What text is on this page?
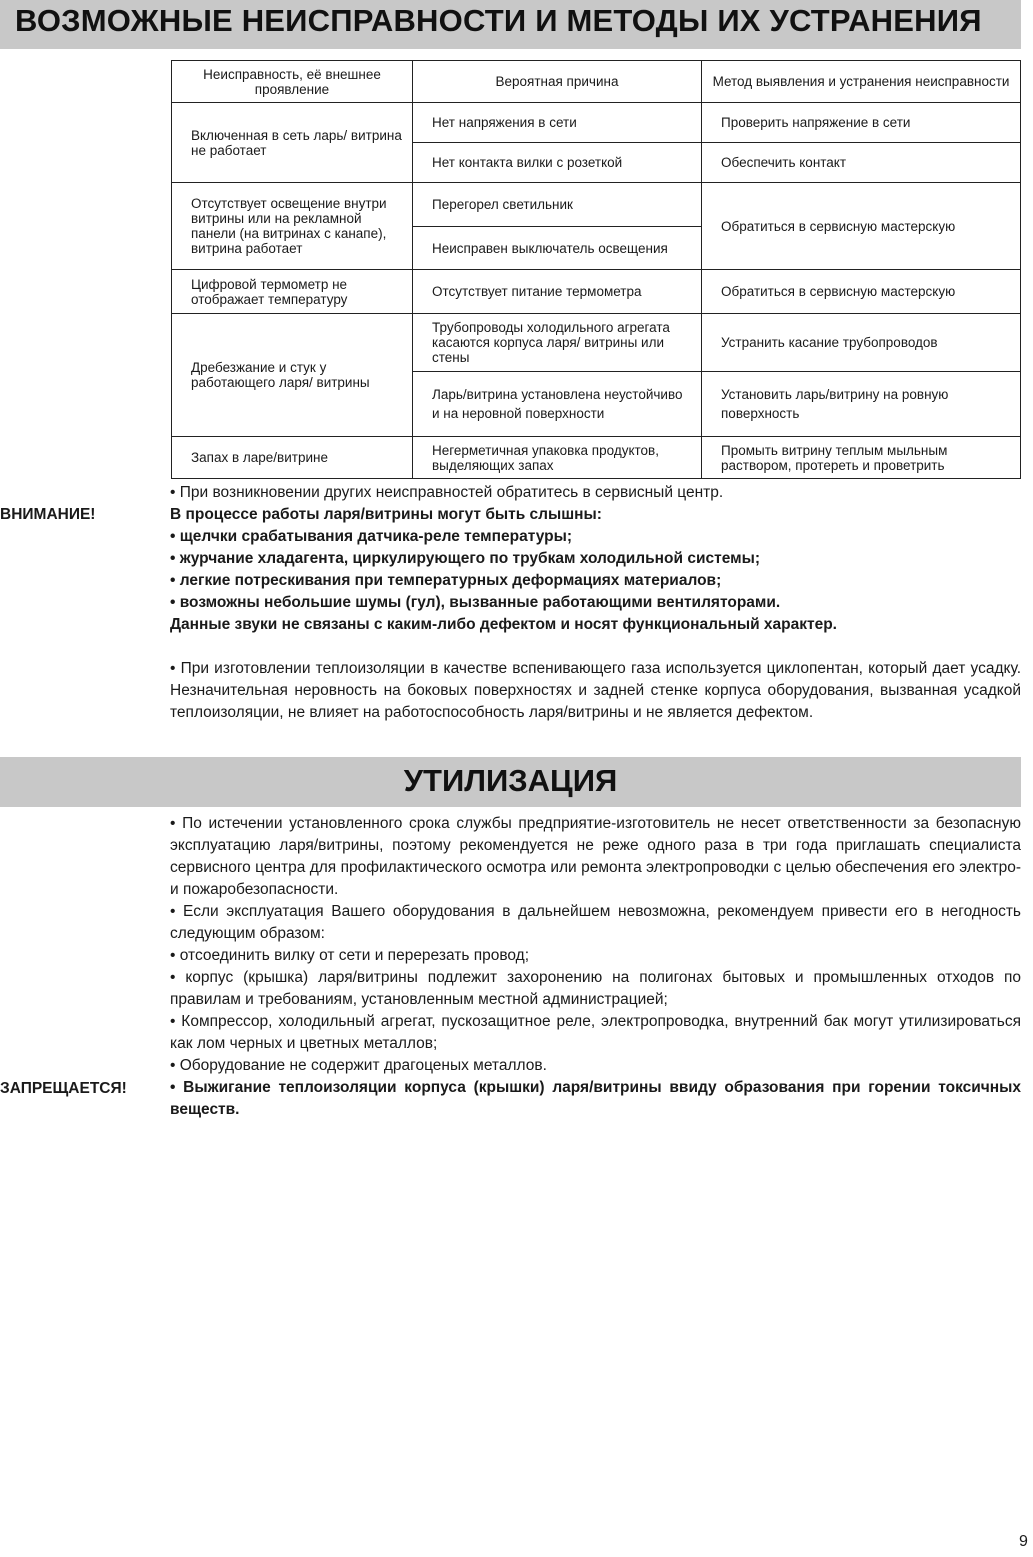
ВОЗМОЖНЫЕ НЕИСПРАВНОСТИ И МЕТОДЫ ИХ УСТРАНЕНИЯ
Неисправность, её внешнее проявление	Вероятная причина	Метод выявления и устранения неисправности
Включенная в сеть ларь/ витрина не работает	Нет напряжения в сети	Проверить напряжение в сети
	Нет контакта вилки с розеткой	Обеспечить контакт
Отсутствует освещение внутри витрины или на рекламной панели (на витринах с канапе), витрина работает	Перегорел светильник	Обратиться в сервисную мастерскую
	Неисправен выключатель освещения	
Цифровой термометр не отображает температуру	Отсутствует питание термометра	Обратиться в сервисную мастерскую
Дребезжание и стук у работающего ларя/ витрины	Трубопроводы холодильного агрегата касаются корпуса ларя/ витрины или стены	Устранить касание трубопроводов
	Ларь/витрина установлена неустойчиво и на неровной поверхности	Установить ларь/витрину на ровную поверхность
Запах в ларе/витрине	Негерметичная упаковка продуктов, выделяющих запах	Промыть витрину теплым мыльным раствором, протереть и проветрить

• При возникновении других неисправностей обратитесь в сервисный центр.

ВНИМАНИЕ!	В процессе работы ларя/витрины могут быть слышны:

• щелчки срабатывания датчика-реле температуры;

• журчание хладагента, циркулирующего по трубкам холодильной системы;

• легкие потрескивания при температурных деформациях материалов;

• возможны небольшие шумы (гул), вызванные работающими вентиляторами.

Данные звуки не связаны с каким-либо дефектом и носят функциональный характер.

• При изготовлении теплоизоляции в качестве вспенивающего газа используется циклопентан, который дает усадку. Незначительная неровность на боковых поверхностях и задней стенке корпуса оборудования, вызванная усадкой теплоизоляции, не влияет на работоспособность ларя/витрины и не является дефектом.

УТИЛИЗАЦИЯ

• По истечении установленного срока службы предприятие-изготовитель не несет ответственности за безопасную эксплуатацию ларя/витрины, поэтому рекомендуется не реже одного раза в три года приглашать специалиста сервисного центра для профилактического осмотра или ремонта электропроводки с целью обеспечения его электро- и пожаробезопасности.

• Если эксплуатация Вашего оборудования в дальнейшем невозможна, рекомендуем привести его в негодность следующим образом:

• отсоединить вилку от сети и перерезать провод;

• корпус (крышка) ларя/витрины подлежит захоронению на полигонах бытовых и промышленных отходов по правилам и требованиям, установленным местной администрацией;

• Компрессор, холодильный агрегат, пускозащитное реле, электропроводка, внутренний бак могут утилизироваться как лом черных и цветных металлов;

• Оборудование не содержит драгоценых металлов.

• Выжигание теплоизоляции корпуса (крышки) ларя/витрины ввиду образования при горении токсичных веществ.

ЗАПРЕЩАЕТСЯ!
9
